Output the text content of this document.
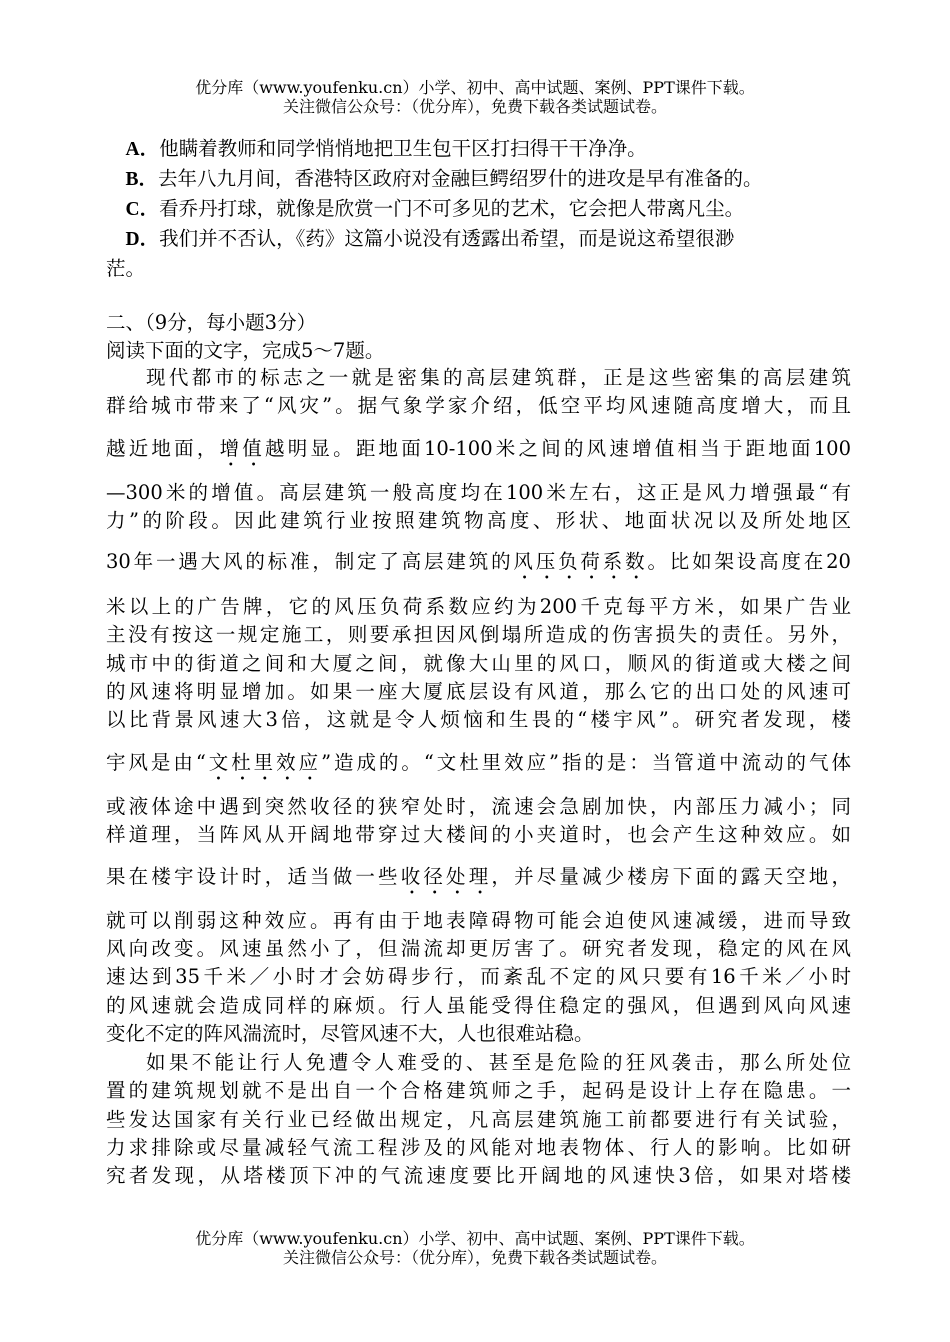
优分库（www.youfenku.cn）小学、初中、高中试题、案例、PPT课件下载。
关注微信公众号：（优分库），免费下载各类试题试卷。
 A．他瞒着教师和同学悄悄地把卫生包干区打扫得干干净净。
 B．去年八九月间，香港特区政府对金融巨鳄绍罗什的进攻是早有准备的。
 C．看乔丹打球，就像是欣赏一门不可多见的艺术，它会把人带离凡尘。
 D．我们并不否认，《药》这篇小说没有透露出希望，而是说这希望很渺
茫。
二、（9分，每小题3分）
阅读下面的文字，完成5～7题。
现代都市的标志之一就是密集的高层建筑群，正是这些密集的高层建筑
群给城市带来了“风灾”。据气象学家介绍，低空平均风速随高度增大，而且
越近地面，增值越明显。距地面10-100米之间的风速增值相当于距地面100
—300米的增值。高层建筑一般高度均在100米左右，这正是风力增强最“有
力”的阶段。因此建筑行业按照建筑物高度、形状、地面状况以及所处地区
30年一遇大风的标准，制定了高层建筑的风压负荷系数。比如架设高度在20
米以上的广告牌，它的风压负荷系数应约为200千克每平方米，如果广告业
主没有按这一规定施工，则要承担因风倒塌所造成的伤害损失的责任。另外，
城市中的街道之间和大厦之间，就像大山里的风口，顺风的街道或大楼之间
的风速将明显增加。如果一座大厦底层设有风道，那么它的出口处的风速可
以比背景风速大3倍，这就是令人烦恼和生畏的“楼宇风”。研究者发现，楼
宇风是由“文杜里效应”造成的。“文杜里效应”指的是：当管道中流动的气体
或液体途中遇到突然收径的狭窄处时，流速会急剧加快，内部压力减小；同
样道理，当阵风从开阔地带穿过大楼间的小夹道时，也会产生这种效应。如
果在楼宇设计时，适当做一些收径处理，并尽量减少楼房下面的露天空地，
就可以削弱这种效应。再有由于地表障碍物可能会迫使风速减缓，进而导致
风向改变。风速虽然小了，但湍流却更厉害了。研究者发现，稳定的风在风
速达到35千米／小时才会妨碍步行，而紊乱不定的风只要有16千米／小时
的风速就会造成同样的麻烦。行人虽能受得住稳定的强风，但遇到风向风速
变化不定的阵风湍流时，尽管风速不大，人也很难站稳。
如果不能让行人免遭令人难受的、甚至是危险的狂风袭击，那么所处位
置的建筑规划就不是出自一个合格建筑师之手，起码是设计上存在隐患。一
些发达国家有关行业已经做出规定，凡高层建筑施工前都要进行有关试验，
力求排除或尽量减轻气流工程涉及的风能对地表物体、行人的影响。比如研
究者发现，从塔楼顶下冲的气流速度要比开阔地的风速快3倍，如果对塔楼
优分库（www.youfenku.cn）小学、初中、高中试题、案例、PPT课件下载。
关注微信公众号：（优分库），免费下载各类试题试卷。
